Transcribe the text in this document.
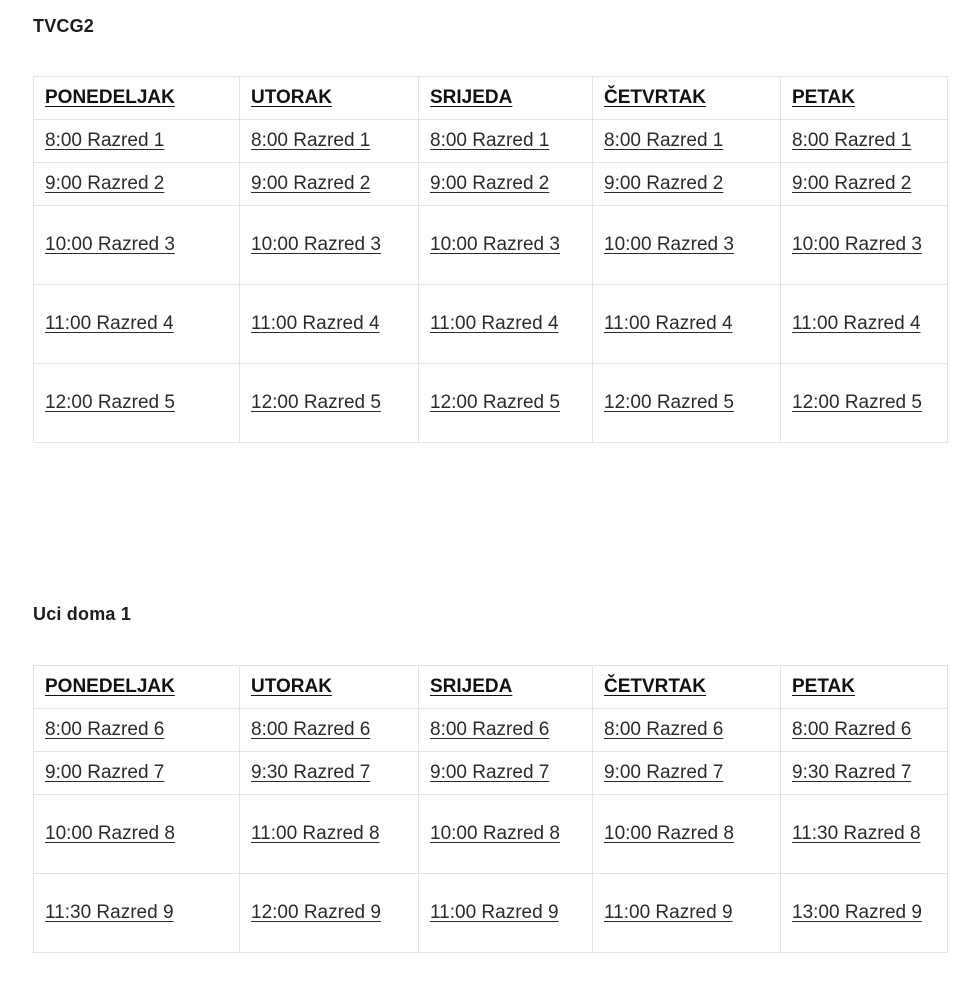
TVCG2
PONEDELJAK	UTORAK	SRIJEDA	ČETVRTAK	PETAK
8:00 Razred 1	8:00 Razred 1	8:00 Razred 1	8:00 Razred 1	8:00 Razred 1
9:00 Razred 2	9:00 Razred 2	9:00 Razred 2	9:00 Razred 2	9:00 Razred 2
10:00 Razred 3	10:00 Razred 3	10:00 Razred 3	10:00 Razred 3	10:00 Razred 3
11:00 Razred 4	11:00 Razred 4	11:00 Razred 4	11:00 Razred 4	11:00 Razred 4
12:00 Razred 5	12:00 Razred 5	12:00 Razred 5	12:00 Razred 5	12:00 Razred 5
Uci doma 1
PONEDELJAK	UTORAK	SRIJEDA	ČETVRTAK	PETAK
8:00 Razred 6	8:00 Razred 6	8:00 Razred 6	8:00 Razred 6	8:00 Razred 6
9:00 Razred 7	9:30 Razred 7	9:00 Razred 7	9:00 Razred 7	9:30 Razred 7
10:00 Razred 8	11:00 Razred 8	10:00 Razred 8	10:00 Razred 8	11:30 Razred 8
11:30 Razred 9	12:00 Razred 9	11:00 Razred 9	11:00 Razred 9	13:00 Razred 9
